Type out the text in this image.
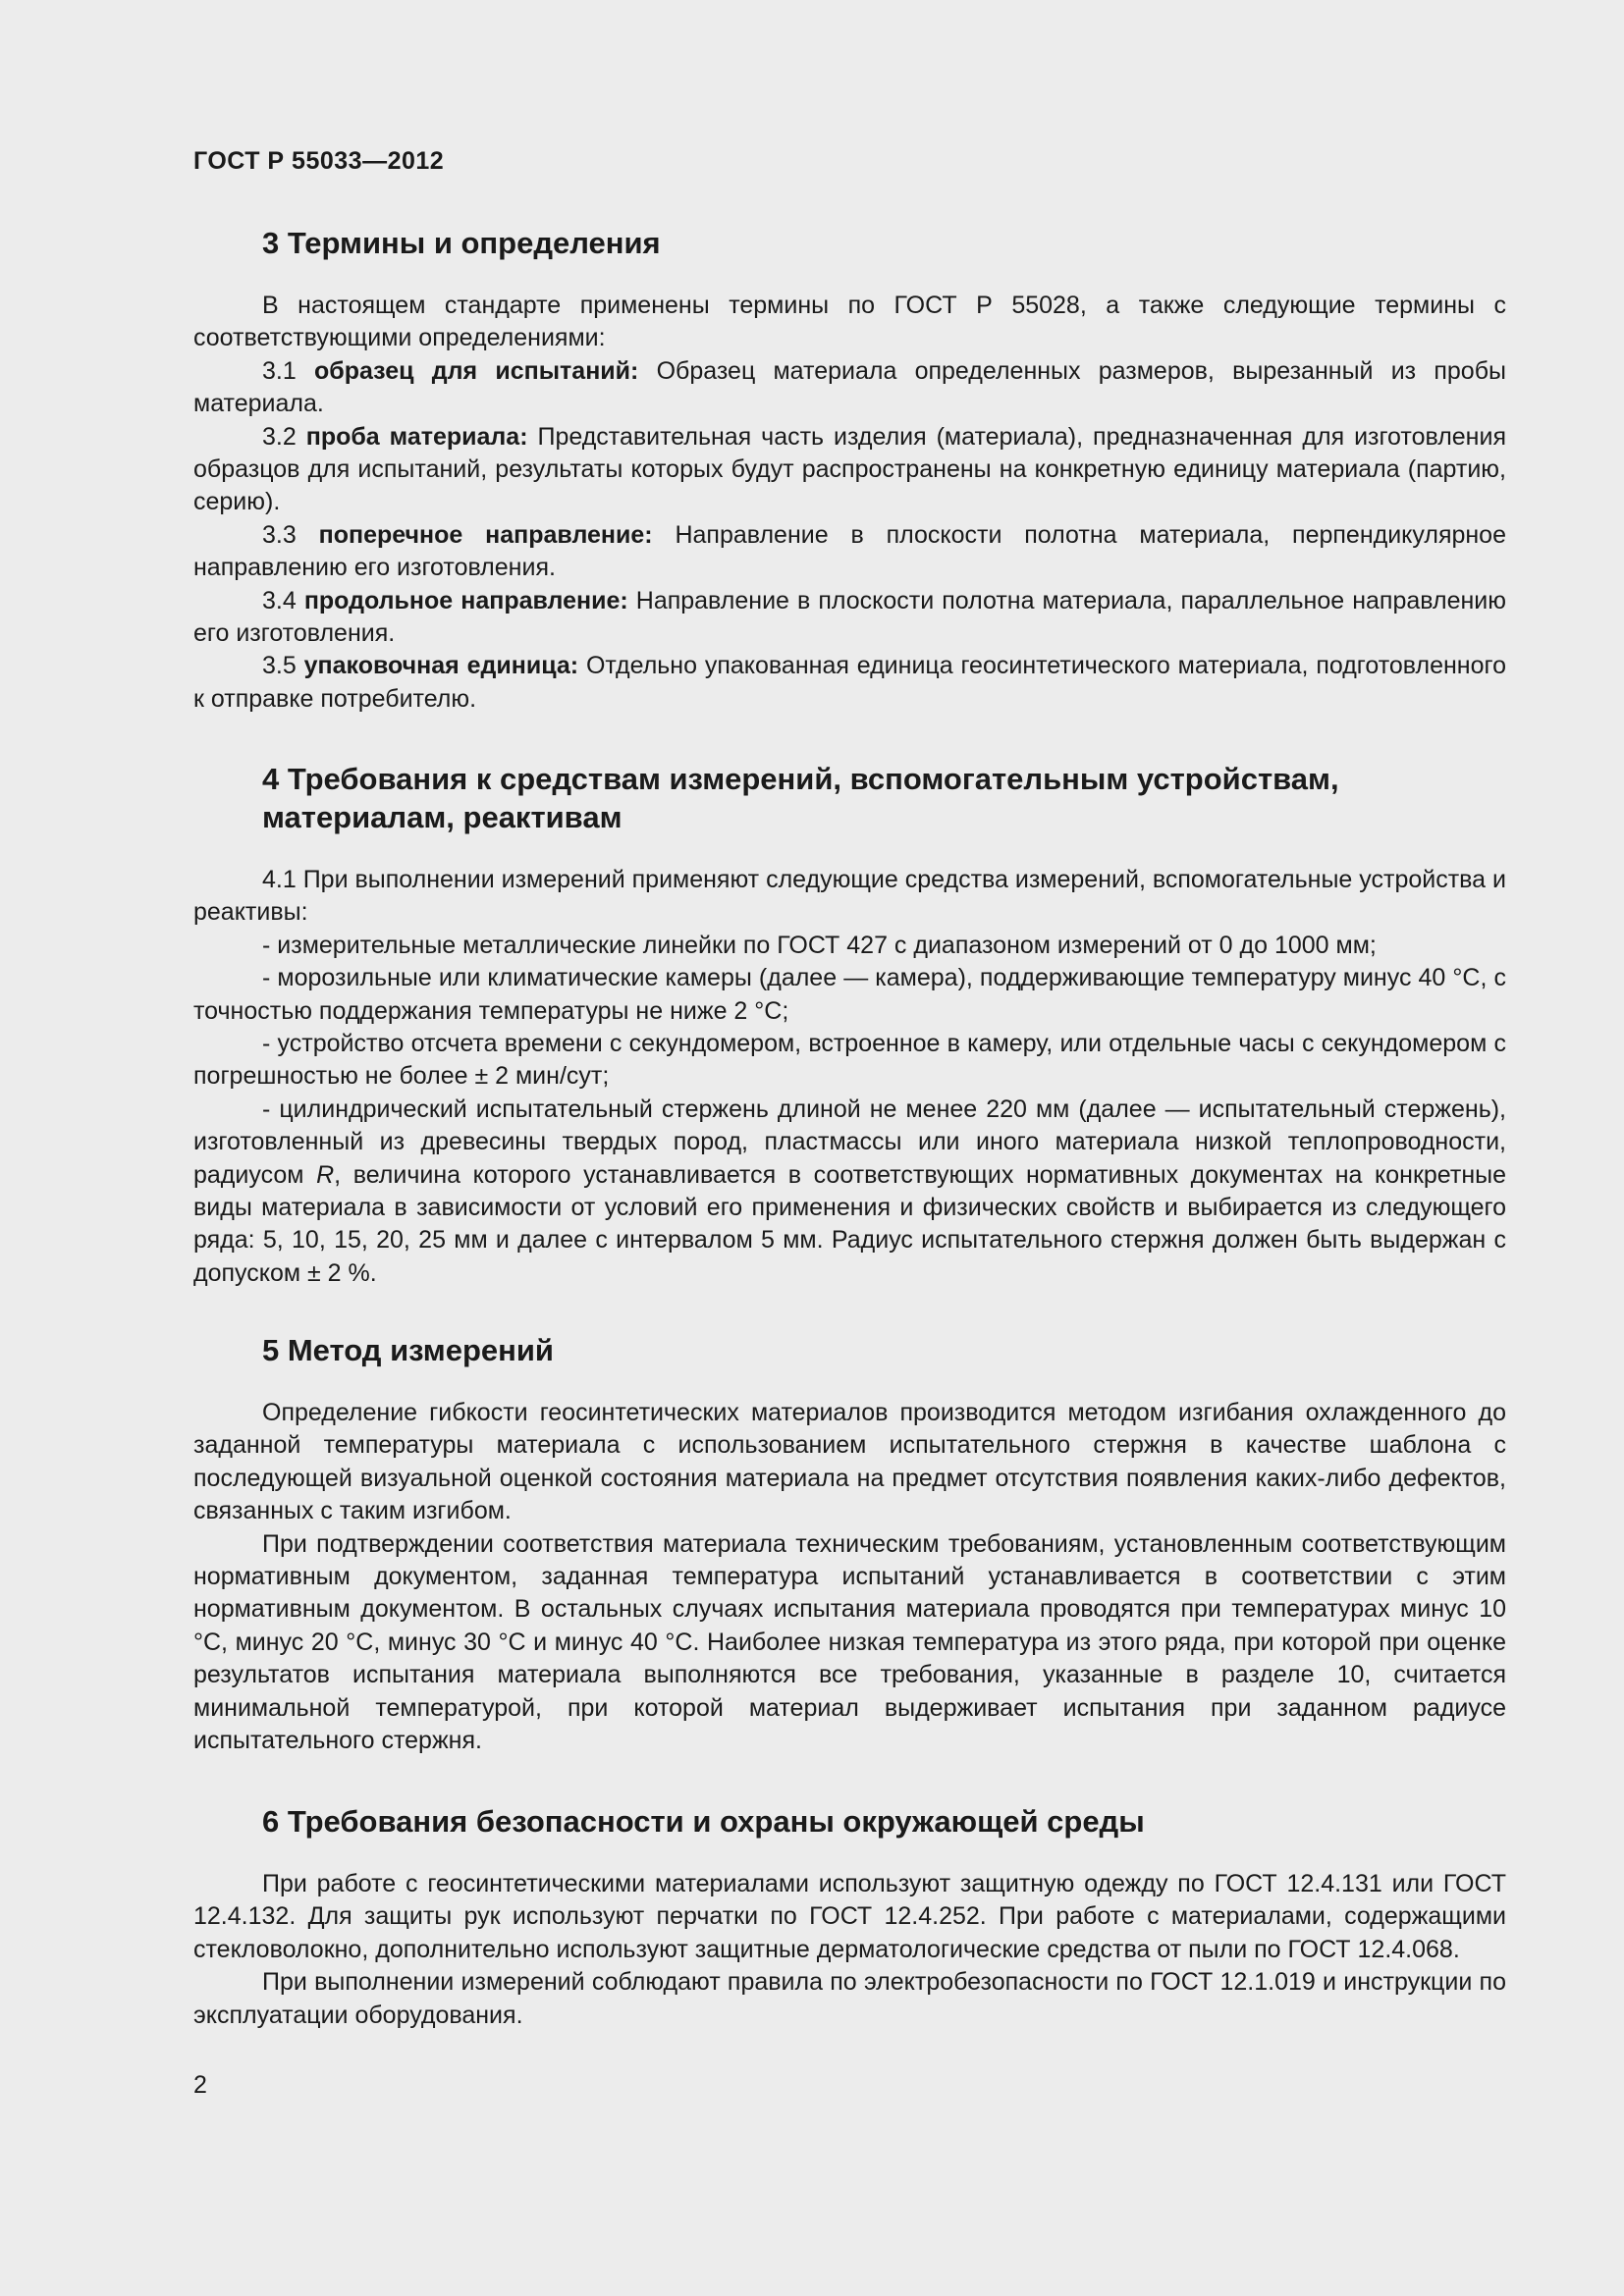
ГОСТ Р 55033—2012
3 Термины и определения

В настоящем стандарте применены термины по ГОСТ Р 55028, а также следующие термины с соответствующими определениями:

3.1 образец для испытаний: Образец материала определенных размеров, вырезанный из пробы материала.

3.2 проба материала: Представительная часть изделия (материала), предназначенная для изготовления образцов для испытаний, результаты которых будут распространены на конкретную единицу материала (партию, серию).

3.3 поперечное направление: Направление в плоскости полотна материала, перпендикулярное направлению его изготовления.

3.4 продольное направление: Направление в плоскости полотна материала, параллельное направлению его изготовления.

3.5 упаковочная единица: Отдельно упакованная единица геосинтетического материала, подготовленного к отправке потребителю.

4 Требования к средствам измерений, вспомогательным устройствам, материалам, реактивам

4.1 При выполнении измерений применяют следующие средства измерений, вспомогательные устройства и реактивы:

- измерительные металлические линейки по ГОСТ 427 с диапазоном измерений от 0 до 1000 мм;

- морозильные или климатические камеры (далее — камера), поддерживающие температуру минус 40 °С, с точностью поддержания температуры не ниже 2 °С;

- устройство отсчета времени с секундомером, встроенное в камеру, или отдельные часы с секундомером с погрешностью не более ± 2 мин/сут;

- цилиндрический испытательный стержень длиной не менее 220 мм (далее — испытательный стержень), изготовленный из древесины твердых пород, пластмассы или иного материала низкой теплопроводности, радиусом R, величина которого устанавливается в соответствующих нормативных документах на конкретные виды материала в зависимости от условий его применения и физических свойств и выбирается из следующего ряда: 5, 10, 15, 20, 25 мм и далее с интервалом 5 мм. Радиус испытательного стержня должен быть выдержан с допуском ± 2 %.

5 Метод измерений

Определение гибкости геосинтетических материалов производится методом изгибания охлажденного до заданной температуры материала с использованием испытательного стержня в качестве шаблона с последующей визуальной оценкой состояния материала на предмет отсутствия появления каких-либо дефектов, связанных с таким изгибом.

При подтверждении соответствия материала техническим требованиям, установленным соответствующим нормативным документом, заданная температура испытаний устанавливается в соответствии с этим нормативным документом. В остальных случаях испытания материала проводятся при температурах минус 10 °С, минус 20 °С, минус 30 °С и минус 40 °С. Наиболее низкая температура из этого ряда, при которой при оценке результатов испытания материала выполняются все требования, указанные в разделе 10, считается минимальной температурой, при которой материал выдерживает испытания при заданном радиусе испытательного стержня.

6 Требования безопасности и охраны окружающей среды

При работе с геосинтетическими материалами используют защитную одежду по ГОСТ 12.4.131 или ГОСТ 12.4.132. Для защиты рук используют перчатки по ГОСТ 12.4.252. При работе с материалами, содержащими стекловолокно, дополнительно используют защитные дерматологические средства от пыли по ГОСТ 12.4.068.

При выполнении измерений соблюдают правила по электробезопасности по ГОСТ 12.1.019 и инструкции по эксплуатации оборудования.

2
